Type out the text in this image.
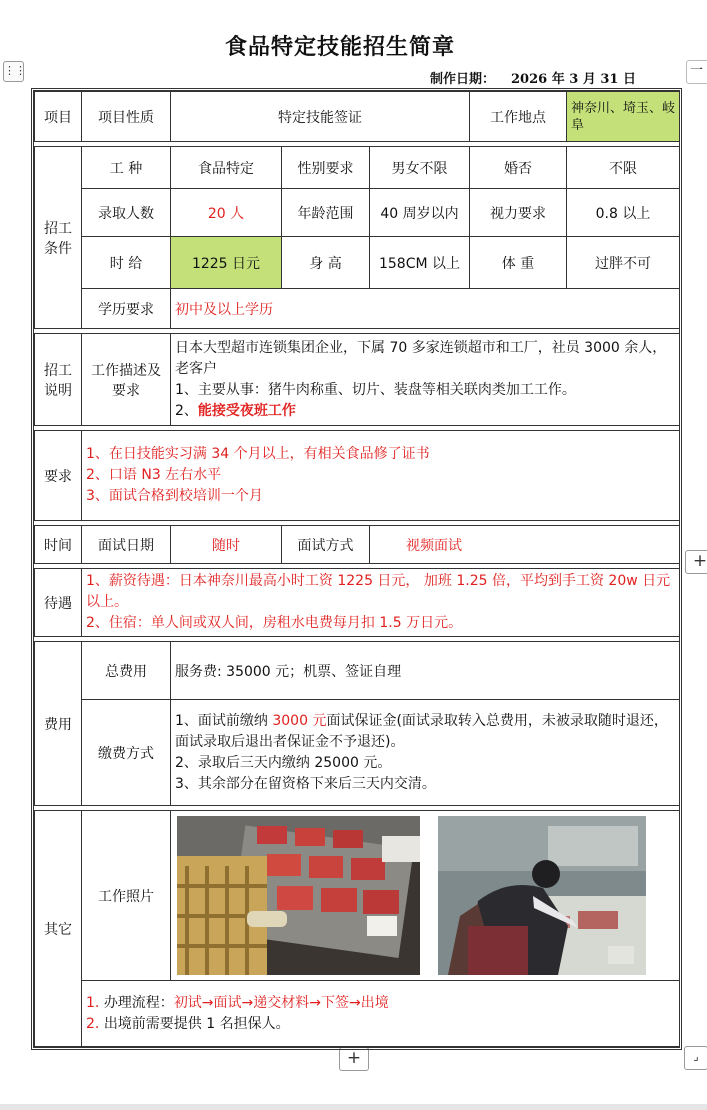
食品特定技能招生简章
制作日期： 2026 年 3 月 31 日
⋮⋮	一
+
+	⌟
项目	项目性质	特定技能签证			工作地点	神奈川、埼玉、岐阜

招工条件	工 种	食品特定	性别要求	男女不限	婚否	不限
	录取人数	20 人	年龄范围	40 周岁以内	视力要求	0.8 以上
	时 给	1225 日元	身 高	158CM 以上	体 重	过胖不可
	学历要求	初中及以上学历				

招工说明	工作描述及要求	日本大型超市连锁集团企业，下属 70 多家连锁超市和工厂，社员 3000 余人，老客户
1、主要从事：猪牛肉称重、切片、装盘等相关联肉类加工工作。
2、能接受夜班工作				

要求	1、在日技能实习满 34 个月以上，有相关食品修了证书
2、口语 N3 左右水平
3、面试合格到校培训一个月					

时间	面试日期	随时	面试方式	视频面试		

待遇	1、薪资待遇：日本神奈川最高小时工资 1225 日元， 加班 1.25 倍，平均到手工资 20w 日元以上。
2、住宿：单人间或双人间，房租水电费每月扣 1.5 万日元。					

费用	总费用	服务费: 35000 元；机票、签证自理				
	缴费方式	1、面试前缴纳 3000 元面试保证金(面试录取转入总费用，未被录取随时退还，面试录取后退出者保证金不予退还)。
2、录取后三天内缴纳 25000 元。
3、其余部分在留资格下来后三天内交清。				

其它	工作照片	

	1. 办理流程：初试→面试→递交材料→下签→出境
2. 出境前需要提供 1 名担保人。					
